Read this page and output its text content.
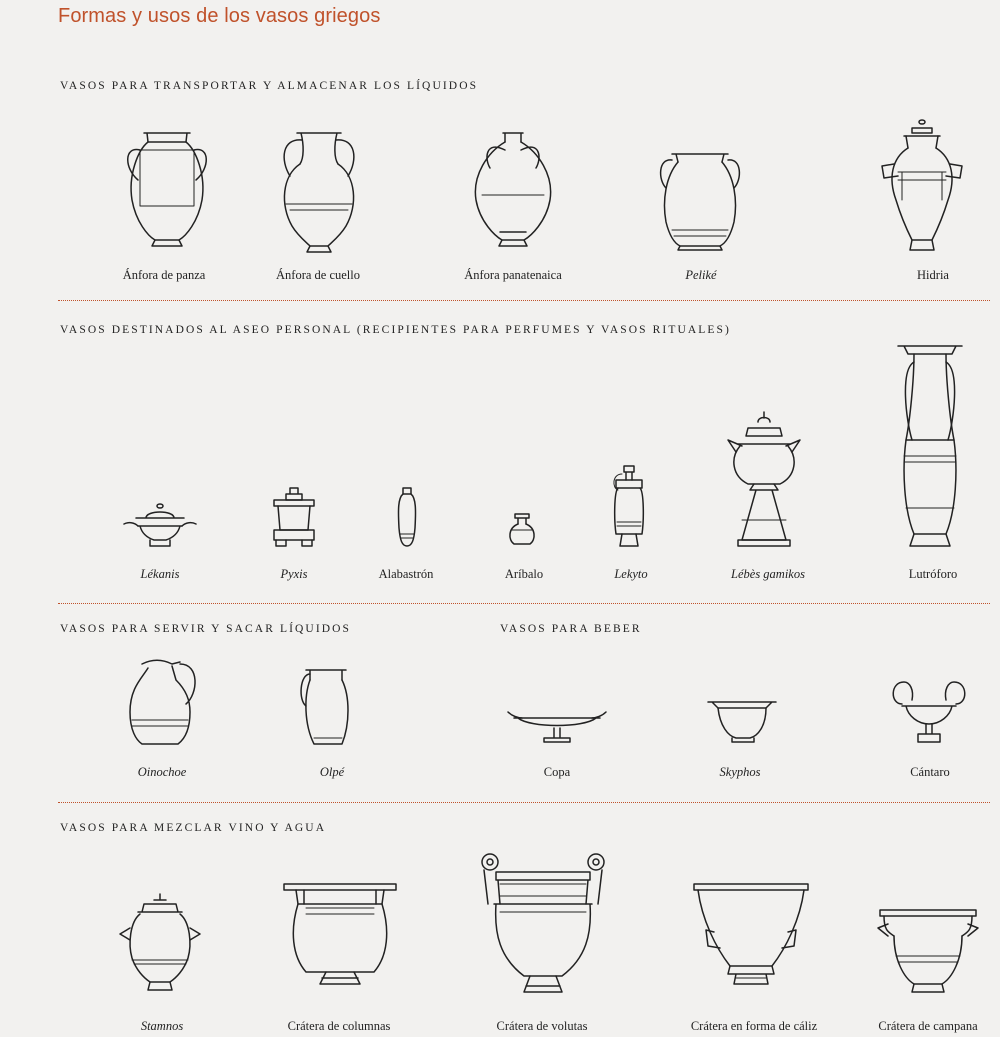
Formas y usos de los vasos griegos
VASOS PARA TRANSPORTAR Y ALMACENAR LOS LÍQUIDOS
VASOS DESTINADOS AL ASEO PERSONAL (RECIPIENTES PARA PERFUMES Y VASOS RITUALES)
VASOS PARA SERVIR Y SACAR LÍQUIDOS	VASOS PARA BEBER
VASOS PARA MEZCLAR VINO Y AGUA
Ánfora de panza	Ánfora de cuello	Ánfora panatenaica	Peliké	Hidria
Lékanis	Pyxis	Alabastrón	Aríbalo	Lekyto	Lébès gamikos	Lutróforo
Oinochoe	Olpé	Copa	Skyphos	Cántaro
Stamnos	Crátera de columnas	Crátera de volutas	Crátera en forma de cáliz	Crátera de campana
